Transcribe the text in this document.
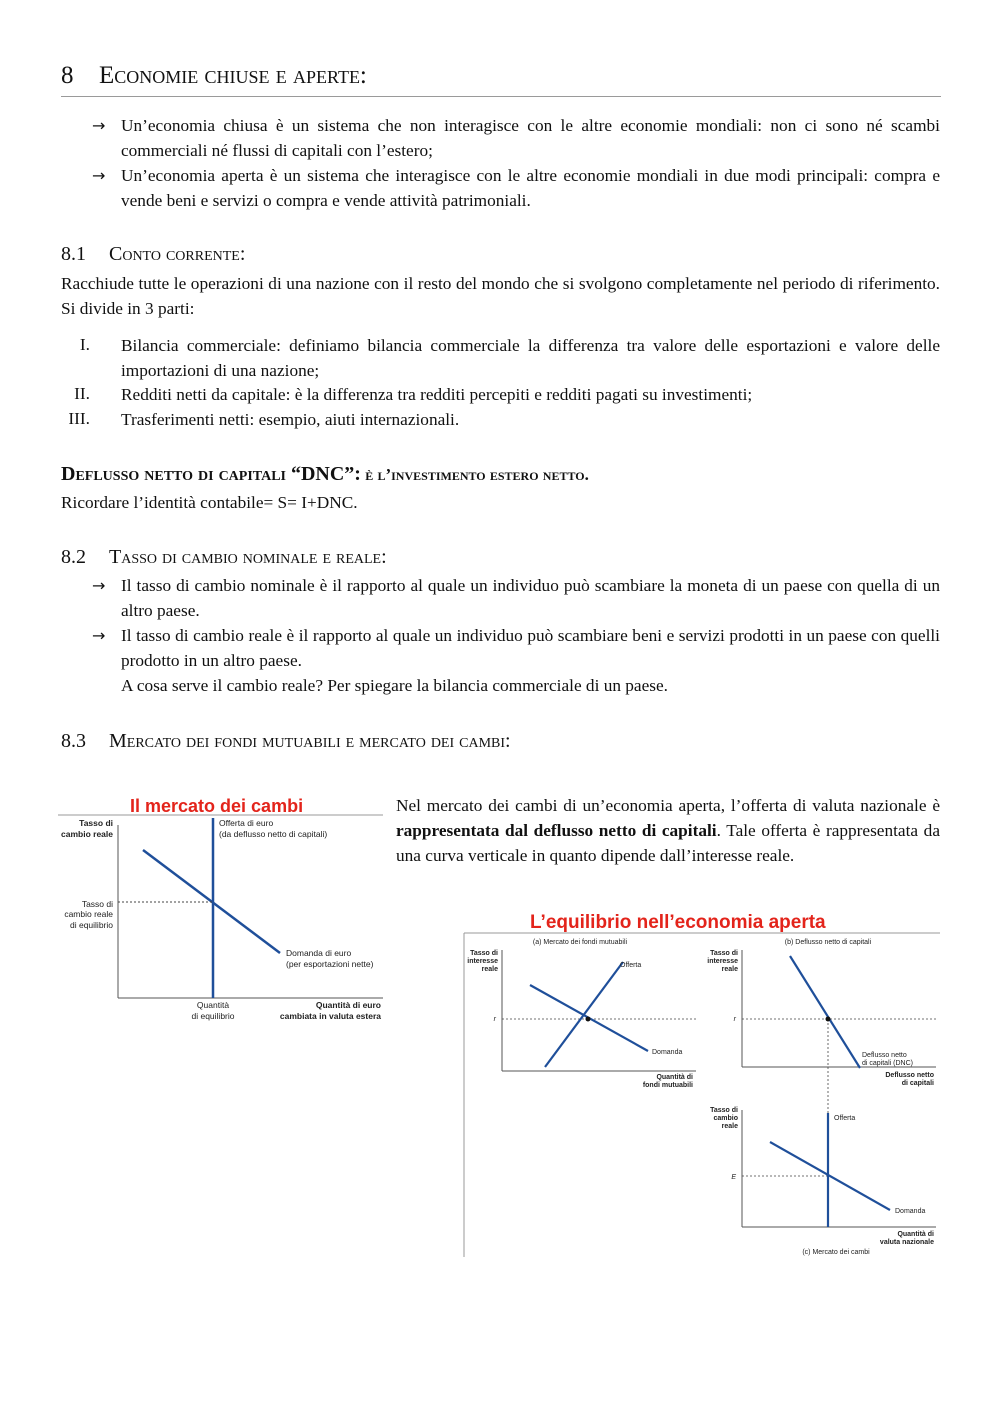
8 Economie chiuse e aperte:
→ Un’economia chiusa è un sistema che non interagisce con le altre economie mondiali: non ci sono né scambi commerciali né flussi di capitali con l’estero;
→ Un’economia aperta è un sistema che interagisce con le altre economie mondiali in due modi principali: compra e vende beni e servizi o compra e vende attività patrimoniali.
8.1 Conto corrente:
Racchiude tutte le operazioni di una nazione con il resto del mondo che si svolgono completamente nel periodo di riferimento. Si divide in 3 parti:
I. Bilancia commerciale: definiamo bilancia commerciale la differenza tra valore delle esportazioni e valore delle importazioni di una nazione;
II. Redditi netti da capitale: è la differenza tra redditi percepiti e redditi pagati su investimenti;
III. Trasferimenti netti: esempio, aiuti internazionali.
Deflusso netto di capitali “DNC”: è l’investimento estero netto.
Ricordare l’identità contabile= S= I+DNC.
8.2 Tasso di cambio nominale e reale:
→ Il tasso di cambio nominale è il rapporto al quale un individuo può scambiare la moneta di un paese con quella di un altro paese.
→ Il tasso di cambio reale è il rapporto al quale un individuo può scambiare beni e servizi prodotti in un paese con quelli prodotto in un altro paese.
A cosa serve il cambio reale? Per spiegare la bilancia commerciale di un paese.
8.3 Mercato dei fondi mutuabili e mercato dei cambi:
Nel mercato dei cambi di un’economia aperta, l’offerta di valuta nazionale è rappresentata dal deflusso netto di capitali. Tale offerta è rappresentata da una curva verticale in quanto dipende dall’interesse reale.
Il mercato dei cambi
Tasso di
cambio reale
Offerta di euro
(da deflusso netto di capitali)
Tasso di
cambio reale
di equilibrio
Domanda di euro
(per esportazioni nette)
Quantità
di equilibrio
Quantità di euro
cambiata in valuta estera
L’equilibrio nell’economia aperta
(a) Mercato dei fondi mutuabili
Tasso di
interesse
reale
Offerta
Domanda
r
Quantità di
fondi mutuabili
(b) Deflusso netto di capitali
Tasso di
interesse
reale
r
Deflusso netto
di capitali (DNC)
Deflusso netto
di capitali
Tasso di
cambio
reale
Offerta
Domanda
E
Quantità di
valuta nazionale
(c) Mercato dei cambi
